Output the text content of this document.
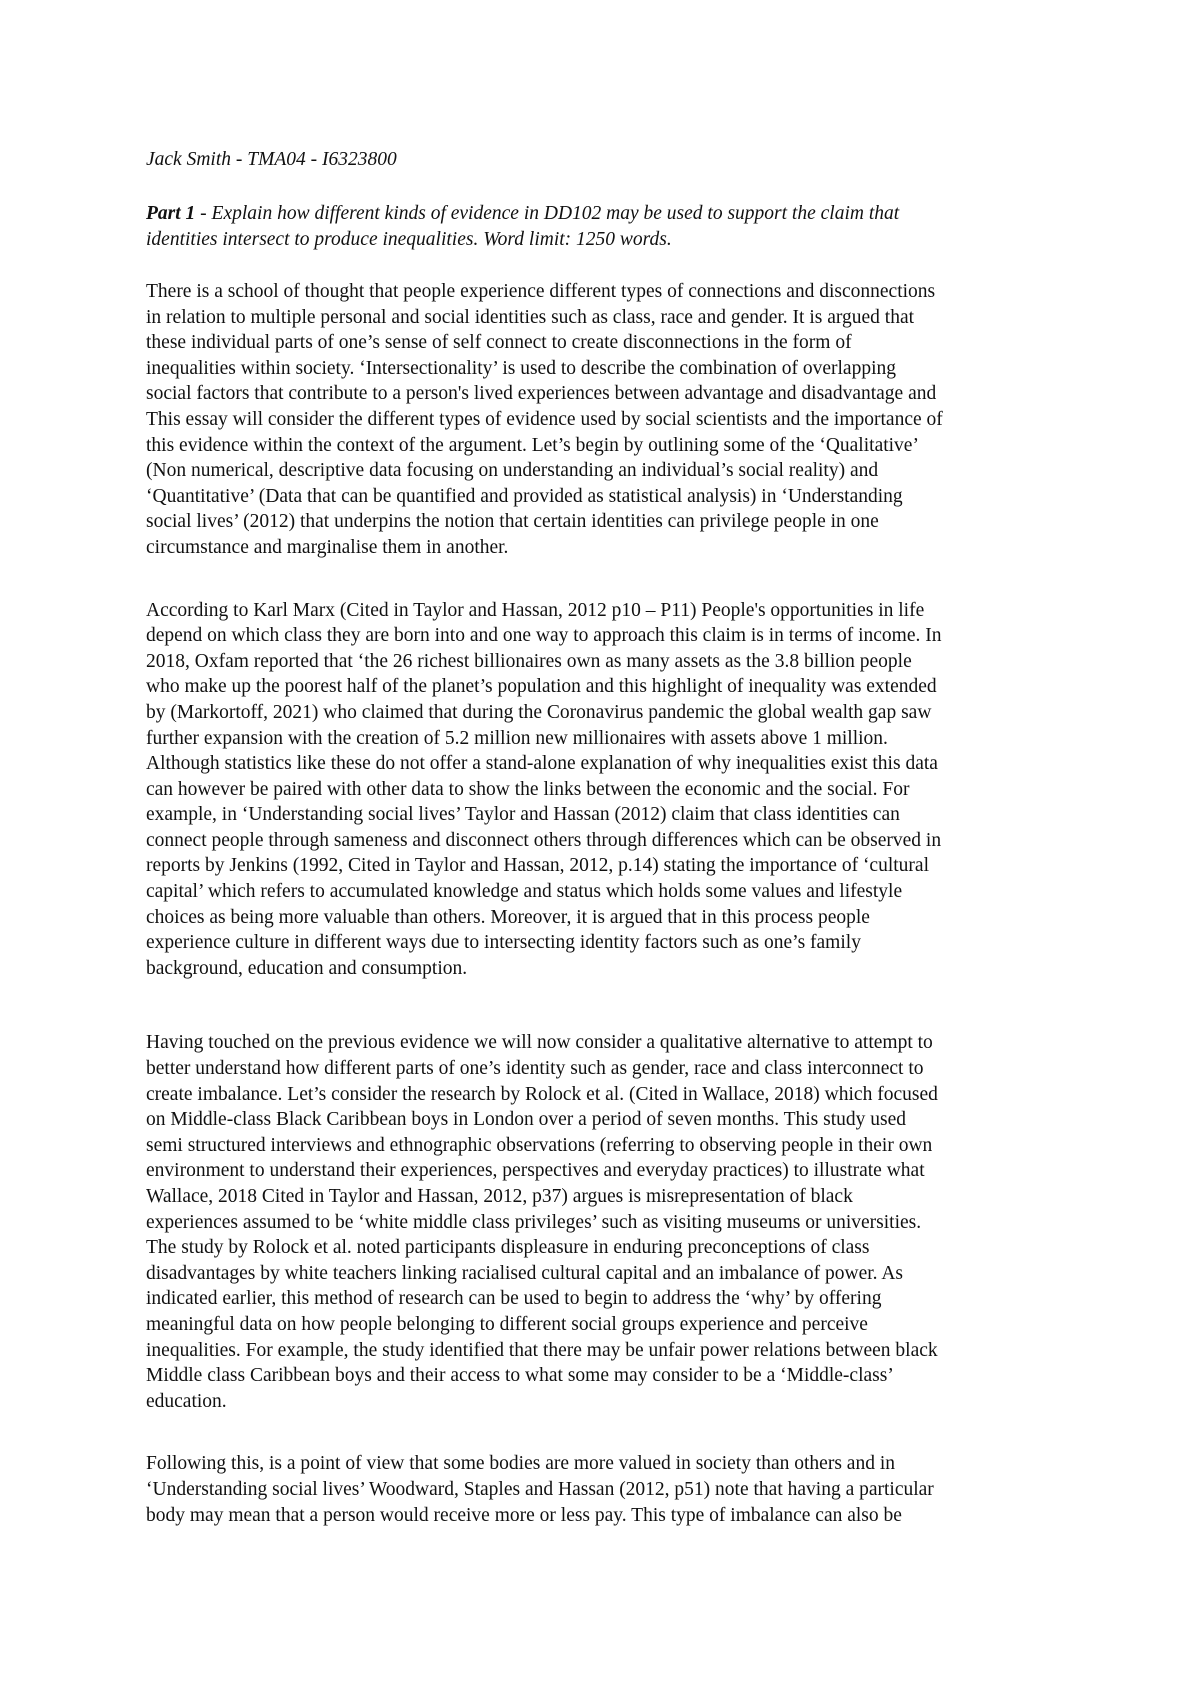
Jack Smith - TMA04 - I6323800

Part 1 - Explain how different kinds of evidence in DD102 may be used to support the claim that
identities intersect to produce inequalities. Word limit: 1250 words.

There is a school of thought that people experience different types of connections and disconnections
in relation to multiple personal and social identities such as class, race and gender. It is argued that
these individual parts of one’s sense of self connect to create disconnections in the form of
inequalities within society. ‘Intersectionality’ is used to describe the combination of overlapping
social factors that contribute to a person's lived experiences between advantage and disadvantage and
This essay will consider the different types of evidence used by social scientists and the importance of
this evidence within the context of the argument. Let’s begin by outlining some of the ‘Qualitative’
(Non numerical, descriptive data focusing on understanding an individual’s social reality) and
‘Quantitative’ (Data that can be quantified and provided as statistical analysis) in ‘Understanding
social lives’ (2012) that underpins the notion that certain identities can privilege people in one
circumstance and marginalise them in another.

According to Karl Marx (Cited in Taylor and Hassan, 2012 p10 – P11) People's opportunities in life
depend on which class they are born into and one way to approach this claim is in terms of income. In
2018, Oxfam reported that ‘the 26 richest billionaires own as many assets as the 3.8 billion people
who make up the poorest half of the planet’s population and this highlight of inequality was extended
by (Markortoff, 2021) who claimed that during the Coronavirus pandemic the global wealth gap saw
further expansion with the creation of 5.2 million new millionaires with assets above 1 million.
Although statistics like these do not offer a stand-alone explanation of why inequalities exist this data
can however be paired with other data to show the links between the economic and the social. For
example, in ‘Understanding social lives’ Taylor and Hassan (2012) claim that class identities can
connect people through sameness and disconnect others through differences which can be observed in
reports by Jenkins (1992, Cited in Taylor and Hassan, 2012, p.14) stating the importance of ‘cultural
capital’ which refers to accumulated knowledge and status which holds some values and lifestyle
choices as being more valuable than others. Moreover, it is argued that in this process people
experience culture in different ways due to intersecting identity factors such as one’s family
background, education and consumption.

Having touched on the previous evidence we will now consider a qualitative alternative to attempt to
better understand how different parts of one’s identity such as gender, race and class interconnect to
create imbalance. Let’s consider the research by Rolock et al. (Cited in Wallace, 2018) which focused
on Middle-class Black Caribbean boys in London over a period of seven months. This study used
semi structured interviews and ethnographic observations (referring to observing people in their own
environment to understand their experiences, perspectives and everyday practices) to illustrate what
Wallace, 2018 Cited in Taylor and Hassan, 2012, p37) argues is misrepresentation of black
experiences assumed to be ‘white middle class privileges’ such as visiting museums or universities.
The study by Rolock et al. noted participants displeasure in enduring preconceptions of class
disadvantages by white teachers linking racialised cultural capital and an imbalance of power. As
indicated earlier, this method of research can be used to begin to address the ‘why’ by offering
meaningful data on how people belonging to different social groups experience and perceive
inequalities. For example, the study identified that there may be unfair power relations between black
Middle class Caribbean boys and their access to what some may consider to be a ‘Middle-class’
education.

Following this, is a point of view that some bodies are more valued in society than others and in
‘Understanding social lives’ Woodward, Staples and Hassan (2012, p51) note that having a particular
body may mean that a person would receive more or less pay. This type of imbalance can also be
